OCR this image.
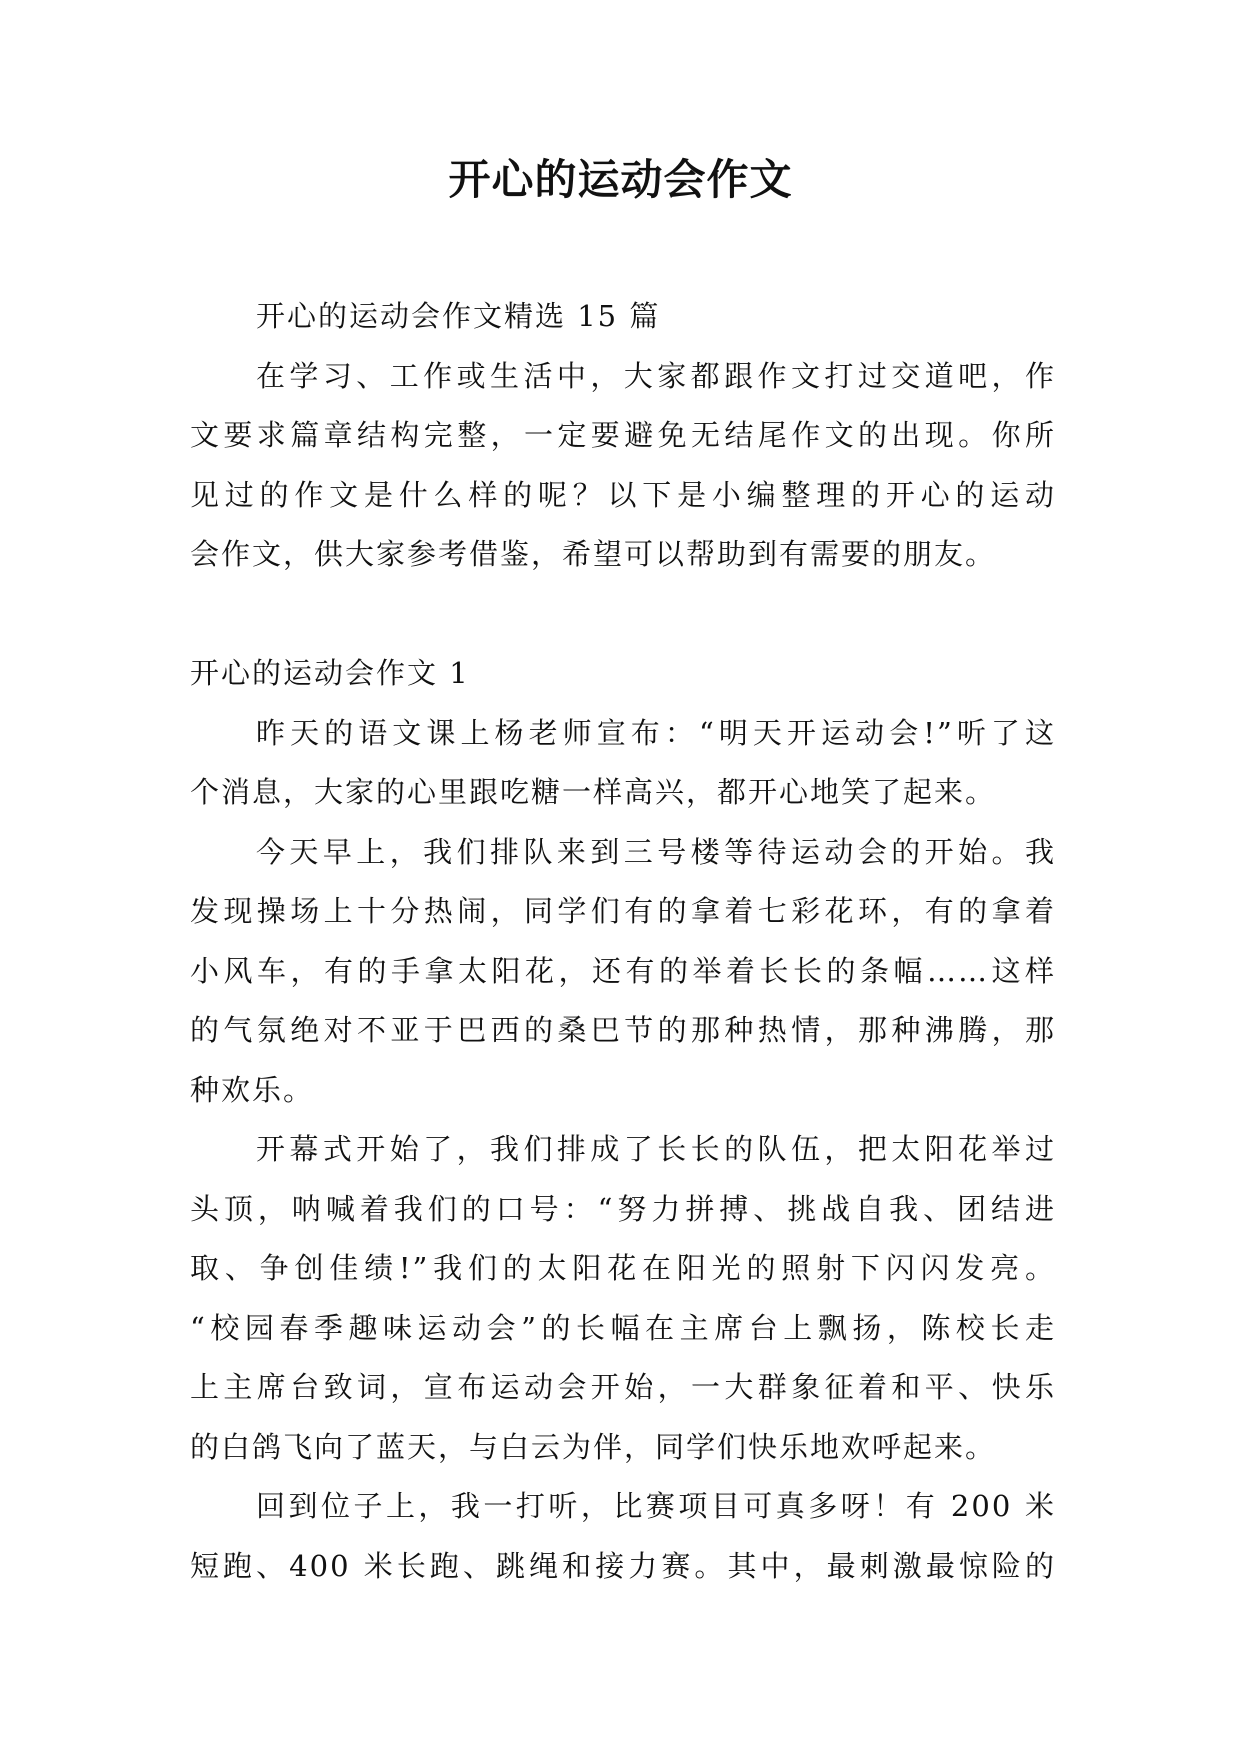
开心的运动会作文
开心的运动会作文精选 15 篇
在学习、工作或生活中，大家都跟作文打过交道吧，作
文要求篇章结构完整，一定要避免无结尾作文的出现。你所
见过的作文是什么样的呢？以下是小编整理的开心的运动
会作文，供大家参考借鉴，希望可以帮助到有需要的朋友。
开心的运动会作文 1
昨天的语文课上杨老师宣布：“明天开运动会!”听了这
个消息，大家的心里跟吃糖一样高兴，都开心地笑了起来。
今天早上，我们排队来到三号楼等待运动会的开始。我
发现操场上十分热闹，同学们有的拿着七彩花环，有的拿着
小风车，有的手拿太阳花，还有的举着长长的条幅……这样
的气氛绝对不亚于巴西的桑巴节的那种热情，那种沸腾，那
种欢乐。
开幕式开始了，我们排成了长长的队伍，把太阳花举过
头顶，呐喊着我们的口号：“努力拼搏、挑战自我、团结进
取、争创佳绩!”我们的太阳花在阳光的照射下闪闪发亮。
“校园春季趣味运动会”的长幅在主席台上飘扬，陈校长走
上主席台致词，宣布运动会开始，一大群象征着和平、快乐
的白鸽飞向了蓝天，与白云为伴，同学们快乐地欢呼起来。
回到位子上，我一打听，比赛项目可真多呀！有 200 米
短跑、400 米长跑、跳绳和接力赛。其中，最刺激最惊险的
